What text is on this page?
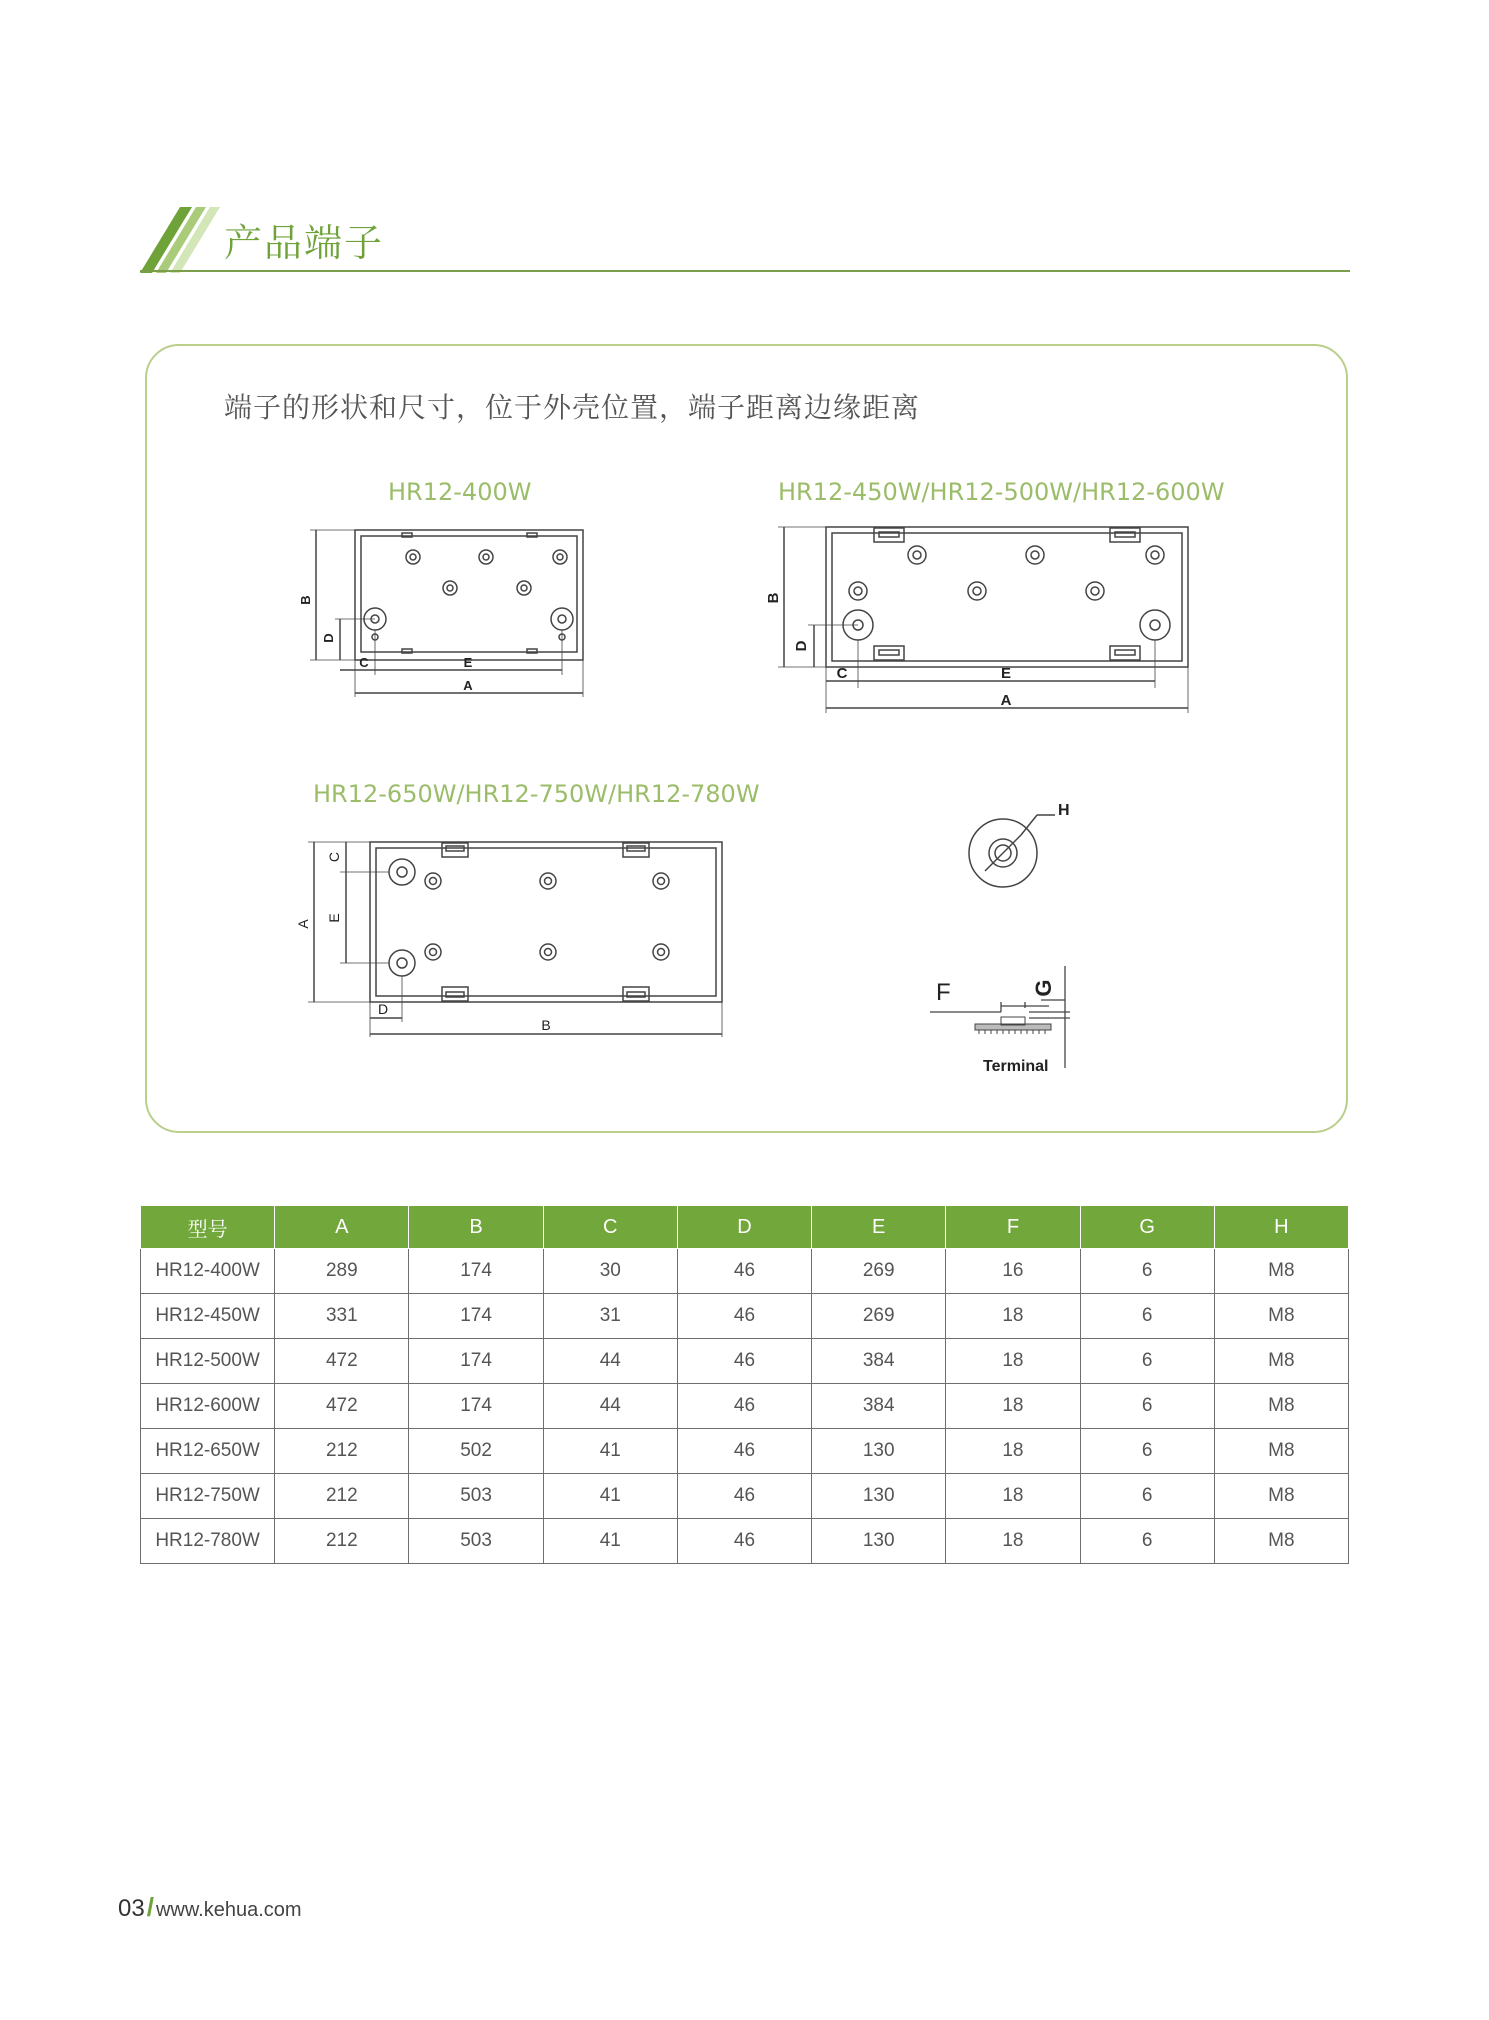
产品端子
端子的形状和尺寸，位于外壳位置，端子距离边缘距离
HR12-400W
B
D
C	E
A
HR12-450W/HR12-500W/HR12-600W
B
D
C	E
A
HR12-650W/HR12-750W/HR12-780W
A
C
E
D
B
H
F	G
Terminal
型号	A	B	C	D	E	F	G	H
HR12-400W	289	174	30	46	269	16	6	M8
HR12-450W	331	174	31	46	269	18	6	M8
HR12-500W	472	174	44	46	384	18	6	M8
HR12-600W	472	174	44	46	384	18	6	M8
HR12-650W	212	502	41	46	130	18	6	M8
HR12-750W	212	503	41	46	130	18	6	M8
HR12-780W	212	503	41	46	130	18	6	M8
03/ www.kehua.com
